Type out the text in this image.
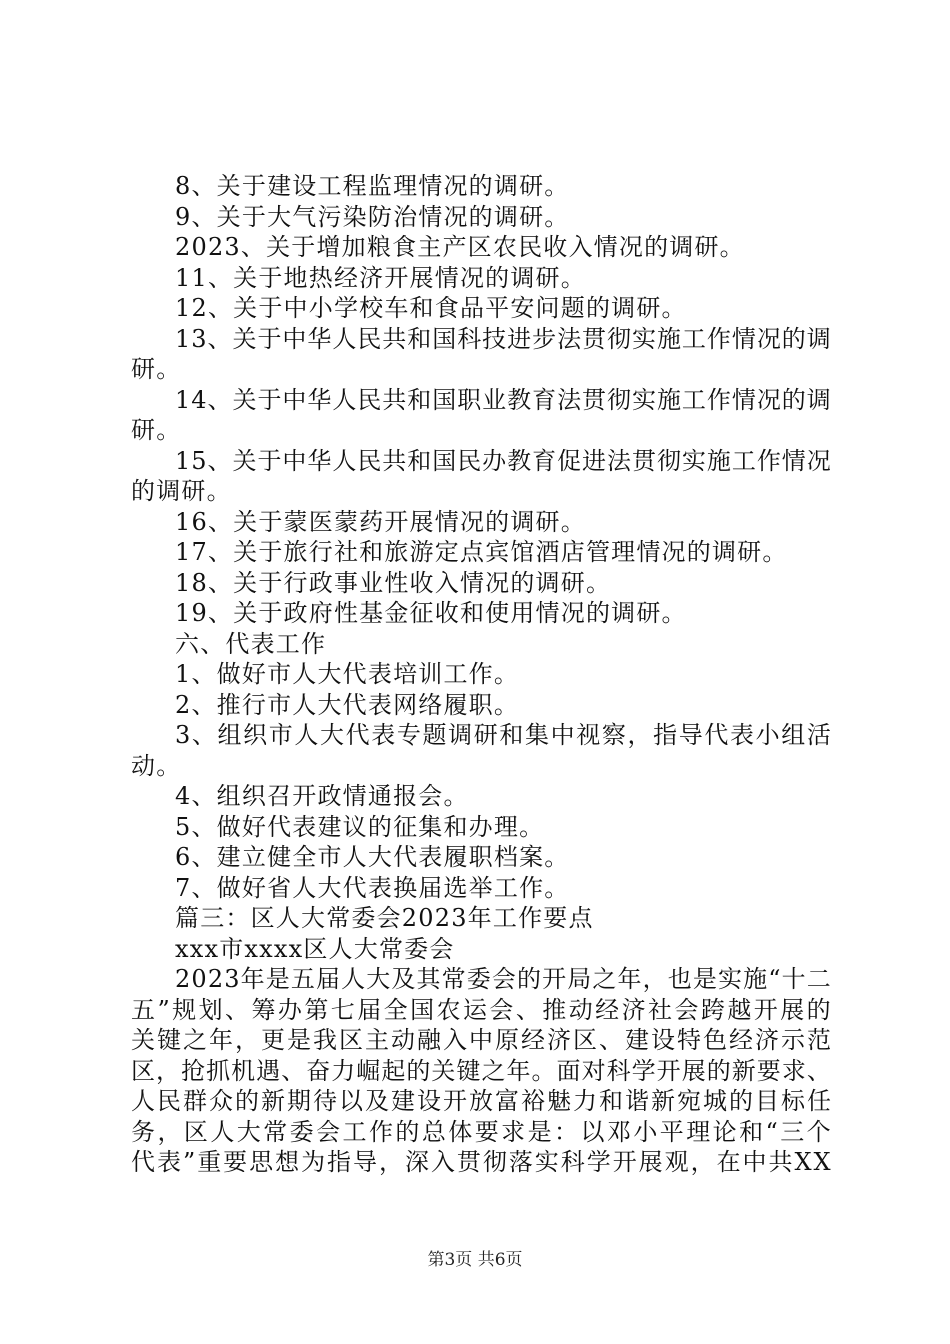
8、关于建设工程监理情况的调研。
9、关于大气污染防治情况的调研。
2023、关于增加粮食主产区农民收入情况的调研。
11、关于地热经济开展情况的调研。
12、关于中小学校车和食品平安问题的调研。
1 3 、 关 于 中 华 人 民 共 和 国 科 技 进 步 法 贯 彻 实 施 工 作 情 况 的 调
研。
1 4 、 关 于 中 华 人 民 共 和 国 职 业 教 育 法 贯 彻 实 施 工 作 情 况 的 调
研。
1 5 、 关 于 中 华 人 民 共 和 国 民 办 教 育 促 进 法 贯 彻 实 施 工 作 情 况
的调研。
16、关于蒙医蒙药开展情况的调研。
17、关于旅行社和旅游定点宾馆酒店管理情况的调研。
18、关于行政事业性收入情况的调研。
19、关于政府性基金征收和使用情况的调研。
六、代表工作
1、做好市人大代表培训工作。
2、推行市人大代表网络履职。
3 、 组 织 市 人 大 代 表 专 题 调 研 和 集 中 视 察 ， 指 导 代 表 小 组 活
动。
4、组织召开政情通报会。
5、做好代表建议的征集和办理。
6、建立健全市人大代表履职档案。
7、做好省人大代表换届选举工作。
篇三：区人大常委会2023年工作要点
xxx市xxxx区人大常委会
2 0 2 3 年 是 五 届 人 大 及 其 常 委 会 的 开 局 之 年 ， 也 是 实 施 “ 十 二
五 ” 规 划 、 筹 办 第 七 届 全 国 农 运 会 、 推 动 经 济 社 会 跨 越 开 展 的
关 键 之 年 ， 更 是 我 区 主 动 融 入 中 原 经 济 区 、 建 设 特 色 经 济 示 范
区 ， 抢 抓 机 遇 、 奋 力 崛 起 的 关 键 之 年 。 面 对 科 学 开 展 的 新 要 求 、
人 民 群 众 的 新 期 待 以 及 建 设 开 放 富 裕 魅 力 和 谐 新 宛 城 的 目 标 任
务 ， 区 人 大 常 委 会 工 作 的 总 体 要 求 是 ： 以 邓 小 平 理 论 和 “ 三 个
代 表 ” 重 要 思 想 为 指 导 ， 深 入 贯 彻 落 实 科 学 开 展 观 ， 在 中 共 X X
第3页 共6页
